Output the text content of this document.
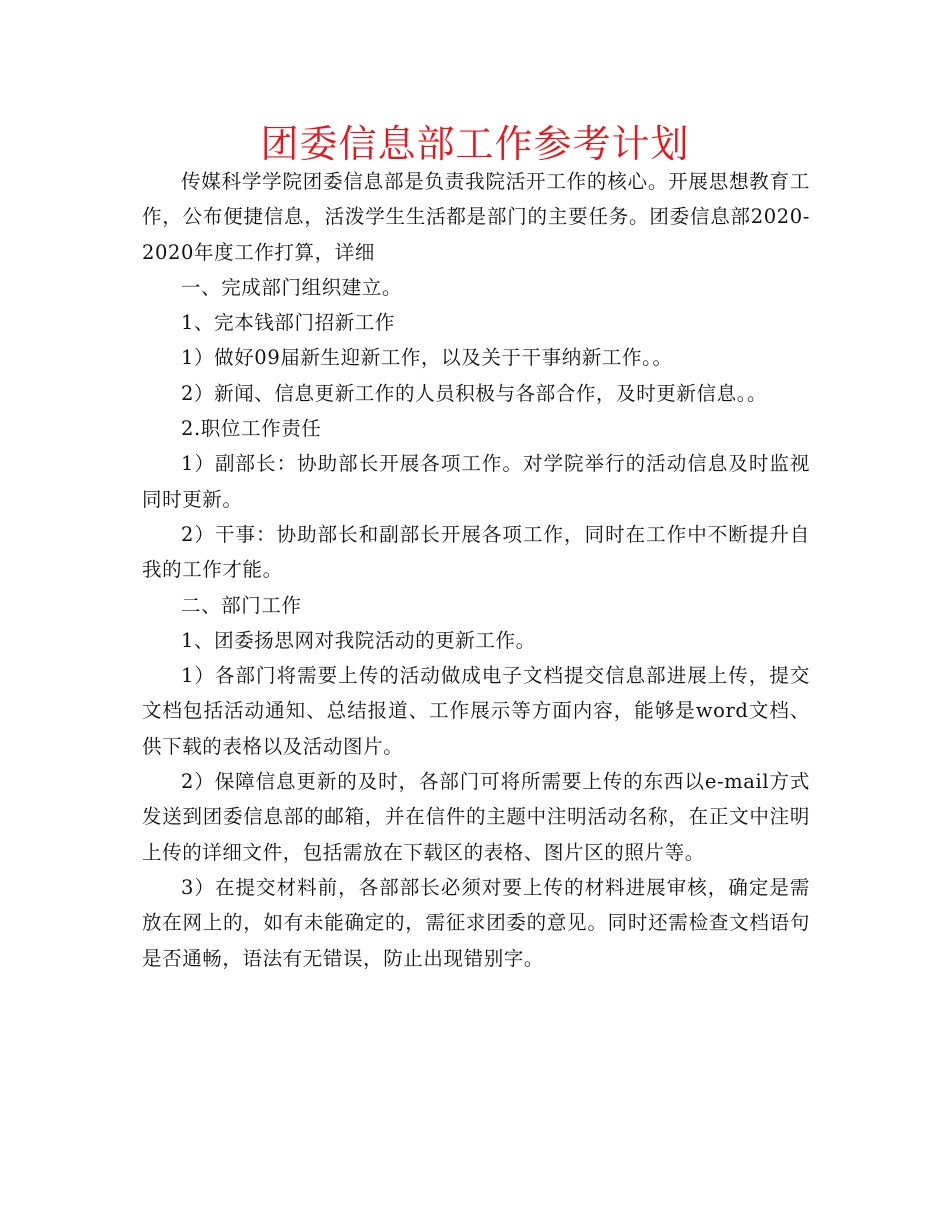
团委信息部工作参考计划

传媒科学学院团委信息部是负责我院活开工作的核心。开展思想教育工作，公布便捷信息，活泼学生生活都是部门的主要任务。团委信息部2020-2020年度工作打算，详细

一、完成部门组织建立。

1、完本钱部门招新工作

1）做好09届新生迎新工作，以及关于干事纳新工作。。

2）新闻、信息更新工作的人员积极与各部合作，及时更新信息。。

2.职位工作责任

1）副部长：协助部长开展各项工作。对学院举行的活动信息及时监视同时更新。

2）干事：协助部长和副部长开展各项工作，同时在工作中不断提升自我的工作才能。

二、部门工作

1、团委扬思网对我院活动的更新工作。

1）各部门将需要上传的活动做成电子文档提交信息部进展上传，提交文档包括活动通知、总结报道、工作展示等方面内容，能够是word文档、供下载的表格以及活动图片。

2）保障信息更新的及时，各部门可将所需要上传的东西以e-mail方式发送到团委信息部的邮箱，并在信件的主题中注明活动名称，在正文中注明上传的详细文件，包括需放在下载区的表格、图片区的照片等。

3）在提交材料前，各部部长必须对要上传的材料进展审核，确定是需放在网上的，如有未能确定的，需征求团委的意见。同时还需检查文档语句是否通畅，语法有无错误，防止出现错别字。
